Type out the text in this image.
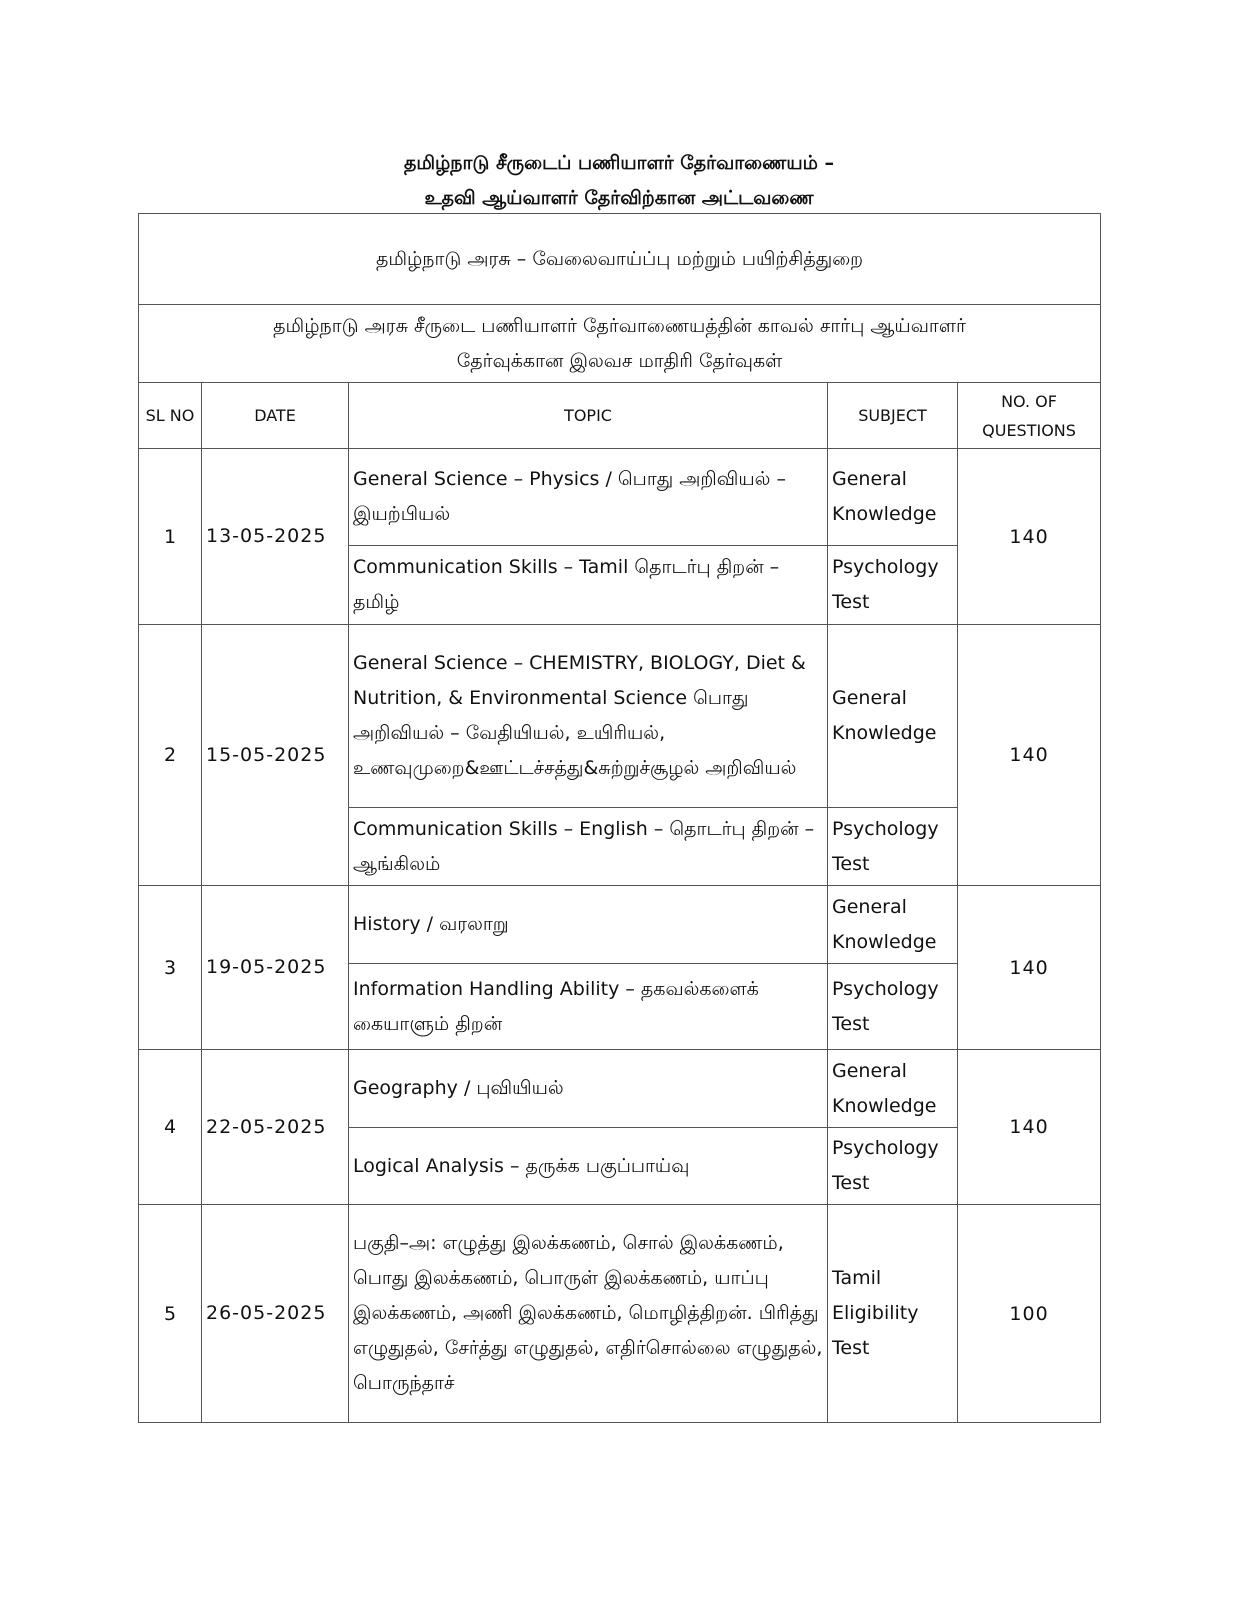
தமிழ்நாடு சீருடைப் பணியாளர் தேர்வாணையம் –
உதவி ஆய்வாளர் தேர்விற்கான அட்டவணை
தமிழ்நாடு அரசு – வேலைவாய்ப்பு மற்றும் பயிற்சித்துறை				

தமிழ்நாடு அரசு சீருடை பணியாளர் தேர்வாணையத்தின் காவல் சார்பு ஆய்வாளர்
தேர்வுக்கான இலவச மாதிரி தேர்வுகள்				

SL NO	DATE	TOPIC	SUBJECT	NO. OF
QUESTIONS

1	13-05-2025	General Science – Physics / பொது அறிவியல் – இயற்பியல்	General Knowledge	140
		Communication Skills – Tamil தொடர்பு திறன் – தமிழ்	Psychology Test	
2	15-05-2025	General Science – CHEMISTRY, BIOLOGY, Diet & Nutrition, & Environmental Science பொது அறிவியல் – வேதியியல், உயிரியல், உணவுமுறை&ஊட்டச்சத்து&சுற்றுச்சூழல் அறிவியல்	General Knowledge	140
		Communication Skills – English – தொடர்பு திறன் – ஆங்கிலம்	Psychology Test	
3	19-05-2025	History / வரலாறு	General Knowledge	140
		Information Handling Ability – தகவல்களைக் கையாளும் திறன்	Psychology Test	
4	22-05-2025	Geography / புவியியல்	General Knowledge	140
		Logical Analysis – தருக்க பகுப்பாய்வு	Psychology Test	
5	26-05-2025	பகுதி–அ: எழுத்து இலக்கணம், சொல் இலக்கணம், பொது இலக்கணம், பொருள் இலக்கணம், யாப்பு இலக்கணம், அணி இலக்கணம், மொழித்திறன். பிரித்து எழுதுதல், சேர்த்து எழுதுதல், எதிர்சொல்லை எழுதுதல், பொருந்தாச்	Tamil Eligibility Test	100
